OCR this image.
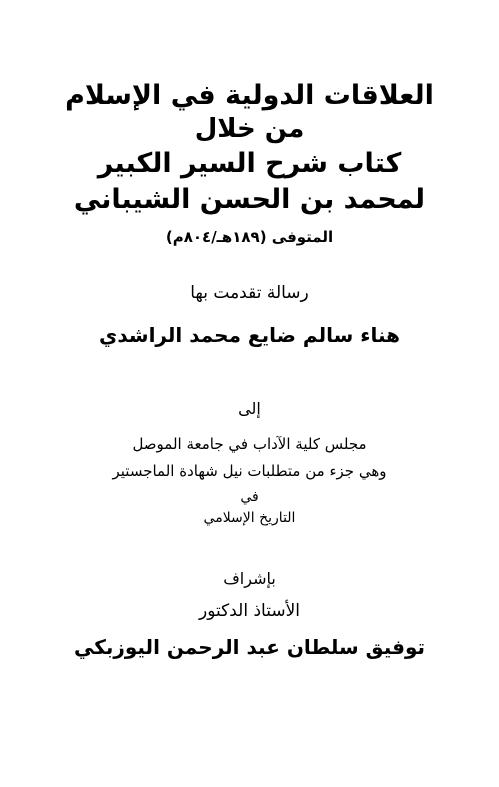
العلاقات الدولية في الإسلام
من خلال
كتاب شرح السير الكبير
لمحمد بن الحسن الشيباني
المتوفى (١٨٩هـ/٨٠٤م)
رسالة تقدمت بها
هناء سالم ضايع محمد الراشدي
إلى
مجلس كلية الآداب في جامعة الموصل
وهي جزء من متطلبات نيل شهادة الماجستير
في
التاريخ الإسلامي
بإشراف
الأستاذ الدكتور
توفيق سلطان عبد الرحمن اليوزبكي
